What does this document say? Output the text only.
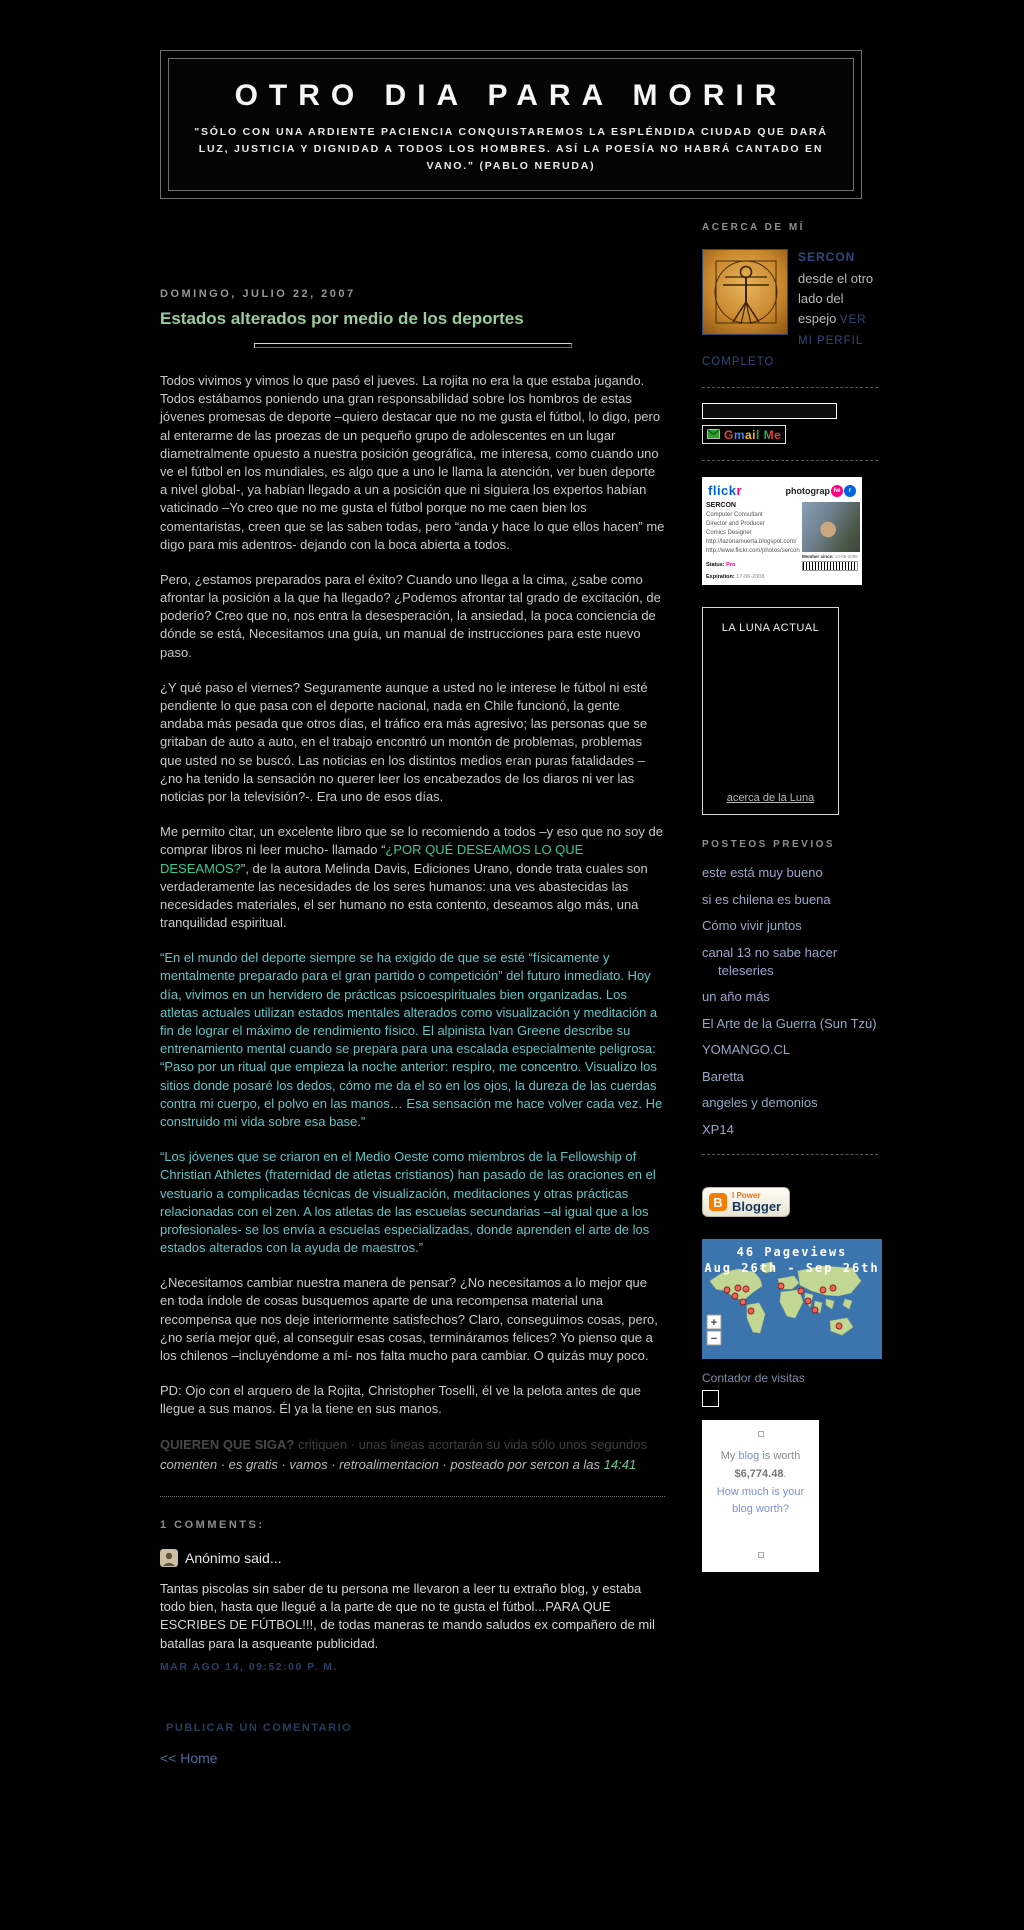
OTRO DIA PARA MORIR
"SÓLO CON UNA ARDIENTE PACIENCIA CONQUISTAREMOS LA ESPLÉNDIDA CIUDAD QUE DARÁ LUZ, JUSTICIA Y DIGNIDAD A TODOS LOS HOMBRES. ASÍ LA POESÍA NO HABRÁ CANTADO EN VANO." (PABLO NERUDA)
DOMINGO, JULIO 22, 2007
Estados alterados por medio de los deportes

Todos vivimos y vimos lo que pasó el jueves. La rojita no era la que estaba jugando. Todos estábamos poniendo una gran responsabilidad sobre los hombros de estas jóvenes promesas de deporte –quiero destacar que no me gusta el fútbol, lo digo, pero al enterarme de las proezas de un pequeño grupo de adolescentes en un lugar diametralmente opuesto a nuestra posición geográfica, me interesa, como cuando uno ve el fútbol en los mundiales, es algo que a uno le llama la atención, ver buen deporte a nivel global-, ya habían llegado a un a posición que ni siguiera los expertos habían vaticinado –Yo creo que no me gusta el fútbol porque no me caen bien los comentaristas, creen que se las saben todas, pero “anda y hace lo que ellos hacen” me digo para mis adentros- dejando con la boca abierta a todos.

Pero, ¿estamos preparados para el éxito? Cuando uno llega a la cima, ¿sabe como afrontar la posición a la que ha llegado? ¿Podemos afrontar tal grado de excitación, de poderío? Creo que no, nos entra la desesperación, la ansiedad, la poca conciencia de dónde se está, Necesitamos una guía, un manual de instrucciones para este nuevo paso.

¿Y qué paso el viernes? Seguramente aunque a usted no le interese le fútbol ni esté pendiente lo que pasa con el deporte nacional, nada en Chile funcionó, la gente andaba más pesada que otros días, el tráfico era más agresivo; las personas que se gritaban de auto a auto, en el trabajo encontró un montón de problemas, problemas que usted no se buscó. Las noticias en los distintos medios eran puras fatalidades –¿no ha tenido la sensación no querer leer los encabezados de los diaros ni ver las noticias por la televisión?-. Era uno de esos días.

Me permito citar, un excelente libro que se lo recomiendo a todos –y eso que no soy de comprar libros ni leer mucho- llamado “¿POR QUÉ DESEAMOS LO QUE DESEAMOS?”, de la autora Melinda Davis, Ediciones Urano, donde trata cuales son verdaderamente las necesidades de los seres humanos: una ves abastecidas las necesidades materiales, el ser humano no esta contento, deseamos algo más, una tranquilidad espiritual.

“En el mundo del deporte siempre se ha exigido de que se esté “físicamente y mentalmente preparado para el gran partido o competición” del futuro inmediato. Hoy día, vivimos en un hervidero de prácticas psicoespirituales bien organizadas. Los atletas actuales utilizan estados mentales alterados como visualización y meditación a fin de lograr el máximo de rendimiento físico. El alpinista Ivan Greene describe su entrenamiento mental cuando se prepara para una escalada especialmente peligrosa: “Paso por un ritual que empieza la noche anterior: respiro, me concentro. Visualizo los sitios donde posaré los dedos, cómo me da el so en los ojos, la dureza de las cuerdas contra mi cuerpo, el polvo en las manos… Esa sensación me hace volver cada vez. He construido mi vida sobre esa base.”

“Los jóvenes que se criaron en el Medio Oeste como miembros de la Fellowship of Christian Athletes (fraternidad de atletas cristianos) han pasado de las oraciones en el vestuario a complicadas técnicas de visualización, meditaciones y otras prácticas relacionadas con el zen. A los atletas de las escuelas secundarias –al igual que a los profesionales- se los envía a escuelas especializadas, donde aprenden el arte de los estados alterados con la ayuda de maestros.”

¿Necesitamos cambiar nuestra manera de pensar? ¿No necesitamos a lo mejor que en toda índole de cosas busquemos aparte de una recompensa material una recompensa que nos deje interiormente satisfechos? Claro, conseguimos cosas, pero, ¿no sería mejor qué, al conseguir esas cosas, termináramos felices? Yo pienso que a los chilenos –incluyéndome a mí- nos falta mucho para cambiar. O quizás muy poco.

PD: Ojo con el arquero de la Rojita, Christopher Toselli, él ve la pelota antes de que llegue a sus manos. Él ya la tiene en sus manos.

QUIEREN QUE SIGA? critiquen · unas lineas acortarán su vida sólo unos segundos

comenten · es gratis · vamos · retroalimentacion · posteado por sercon a las 14:41

1 COMMENTS:
Anónimo said...

Tantas piscolas sin saber de tu persona me llevaron a leer tu extraño blog, y estaba todo bien, hasta que llegué a la parte de que no te gusta el fútbol...PARA QUE ESCRIBES DE FÚTBOL!!!, de todas maneras te mando saludos ex compañero de mil batallas para la asqueante publicidad.

MAR AGO 14, 09:52:00 P. M.
PUBLICAR UN COMENTARIO
<< Home
ACERCA DE MÍ
SERCON
desde el otro lado del espejo VER MI PERFIL COMPLETO
Gmail Me
flickr	photograp he	r
SERCON
Computer Consultant
Director and Producer
Comics Designer
http://lazonamuerta.blogspot.com/
http://www.flickr.com/photos/sercon
Status: Pro
Expiration: 17-06-2008
Member since: 13-06-2006
LA LUNA ACTUAL
acerca de la Luna
POSTEOS PREVIOS
este está muy bueno
si es chilena es buena
Cómo vivir juntos
canal 13 no sabe hacer teleseries
un año más
El Arte de la Guerra (Sun Tzú)
YOMANGO.CL
Baretta
angeles y demonios
XP14
B	I Power
Blogger
46 Pageviews
Aug 26th - Sep 26th
+
−
Contador de visitas
My blog is worth
$6,774.48.
How much is your blog worth?
